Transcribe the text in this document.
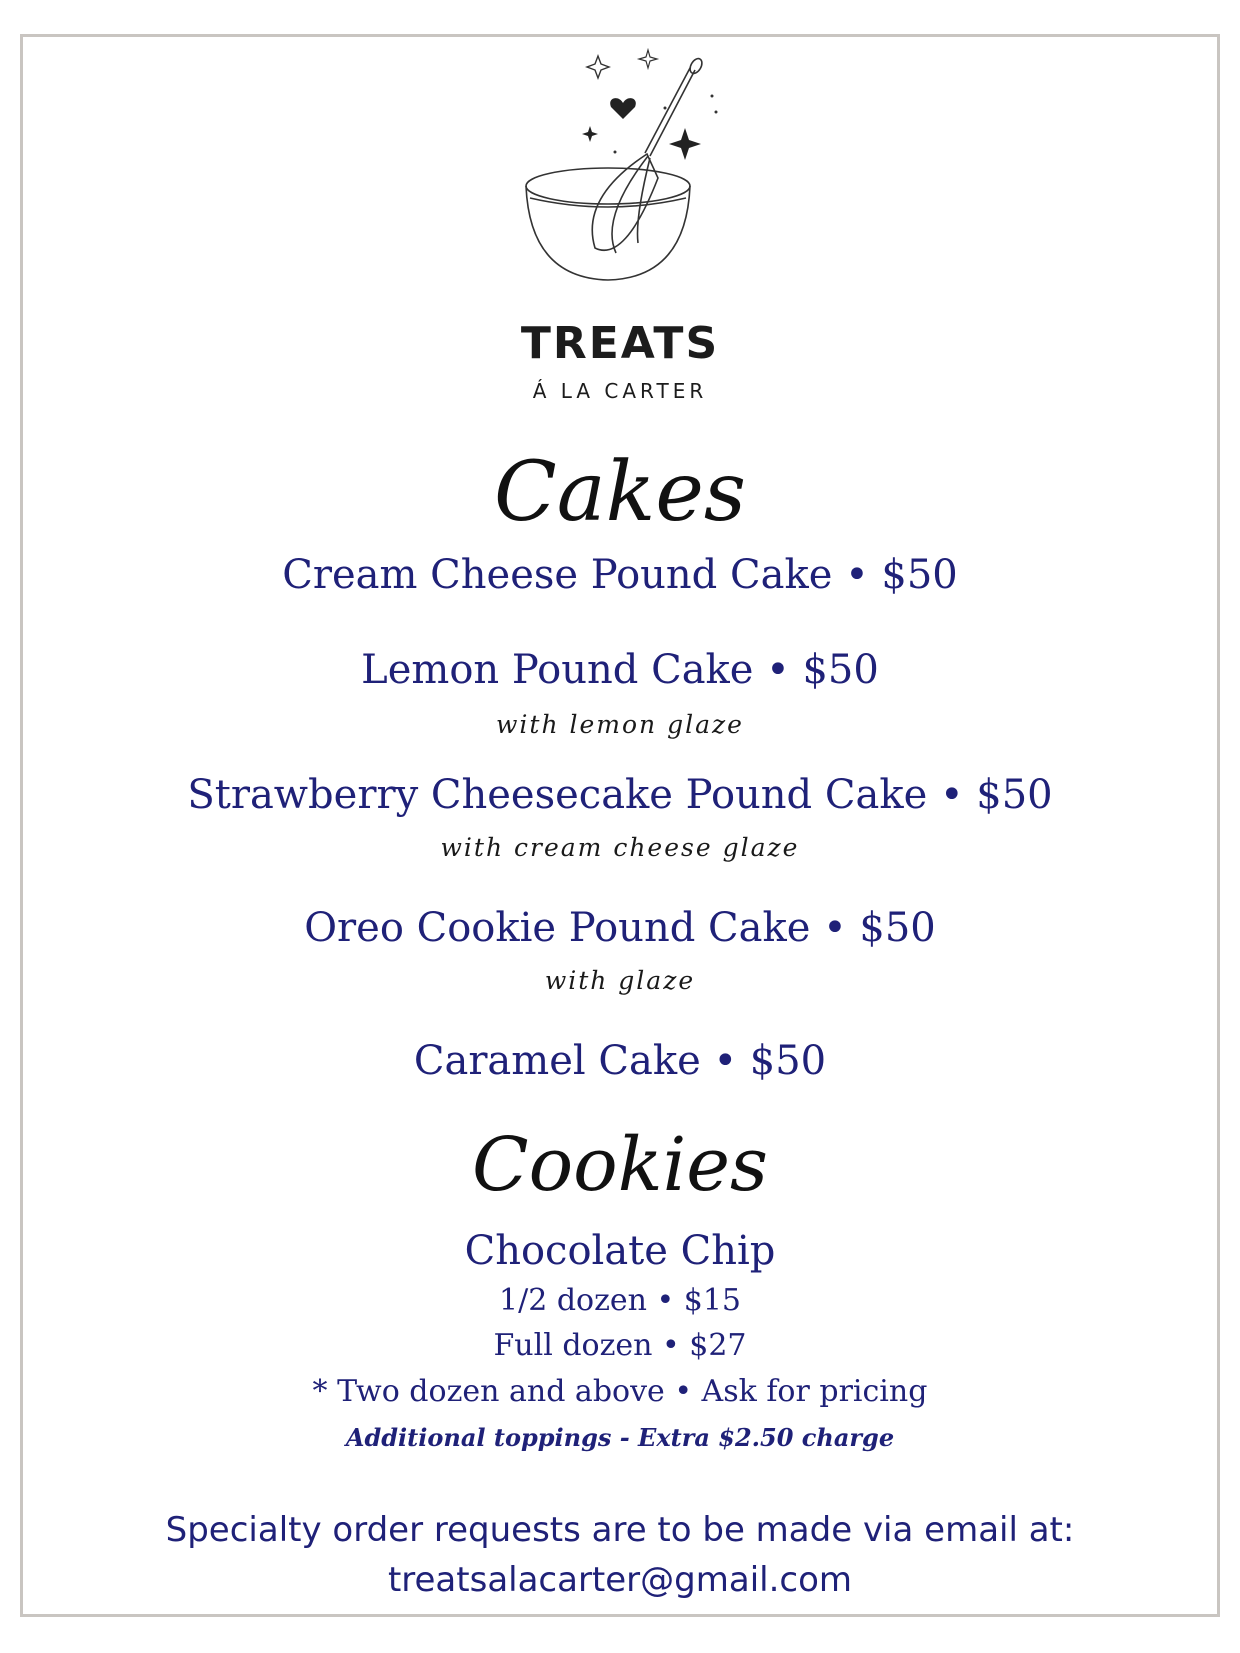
TREATS
Á LA CARTER
Cakes
Cream Cheese Pound Cake • $50
Lemon Pound Cake • $50
with lemon glaze
Strawberry Cheesecake Pound Cake • $50
with cream cheese glaze
Oreo Cookie Pound Cake • $50
with glaze
Caramel Cake • $50
Cookies
Chocolate Chip
1/2 dozen • $15
Full dozen • $27
* Two dozen and above • Ask for pricing
Additional toppings - Extra $2.50 charge
Specialty order requests are to be made via email at:
treatsalacarter@gmail.com
